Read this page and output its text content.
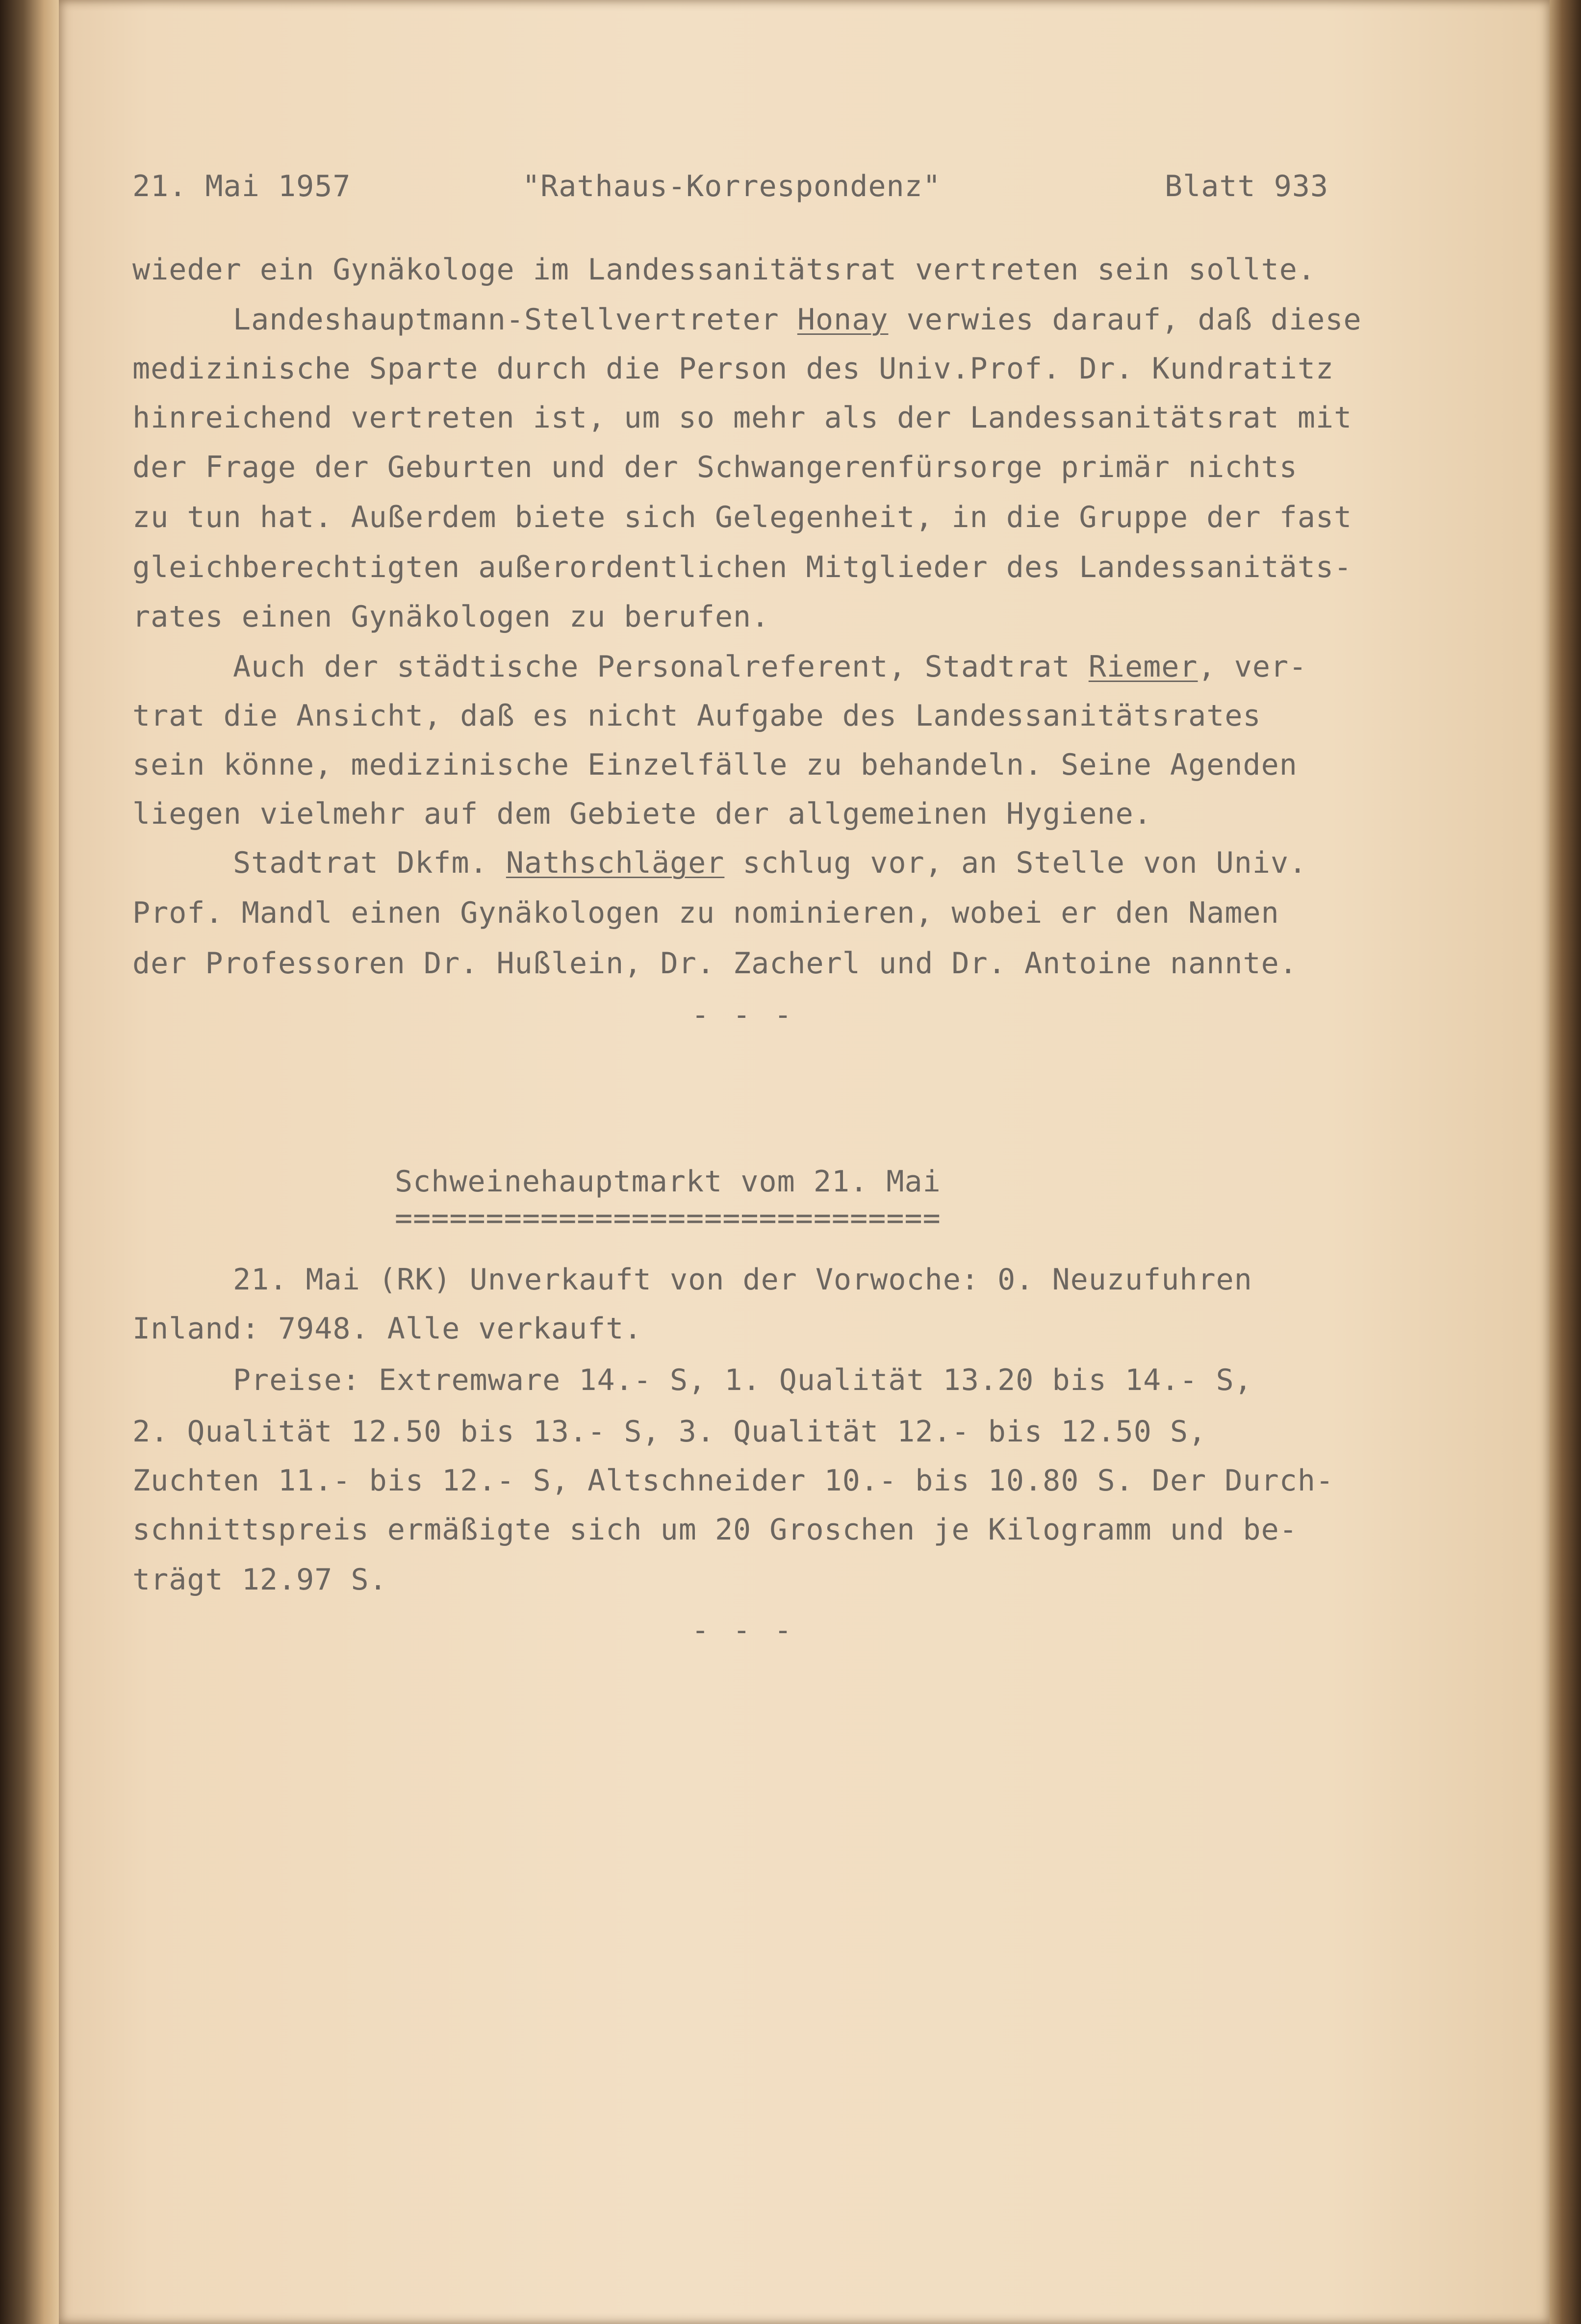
21. Mai 1957	"Rathaus-Korrespondenz"	Blatt 933
wieder ein Gynäkologe im Landessanitätsrat vertreten sein sollte.
Landeshauptmann-Stellvertreter Honay verwies darauf, daß diese
medizinische Sparte durch die Person des Univ.Prof. Dr. Kundratitz
hinreichend vertreten ist, um so mehr als der Landessanitätsrat mit
der Frage der Geburten und der Schwangerenfürsorge primär nichts
zu tun hat. Außerdem biete sich Gelegenheit, in die Gruppe der fast
gleichberechtigten außerordentlichen Mitglieder des Landessanitäts-
rates einen Gynäkologen zu berufen.
Auch der städtische Personalreferent, Stadtrat Riemer, ver-
trat die Ansicht, daß es nicht Aufgabe des Landessanitätsrates
sein könne, medizinische Einzelfälle zu behandeln. Seine Agenden
liegen vielmehr auf dem Gebiete der allgemeinen Hygiene.
Stadtrat Dkfm. Nathschläger schlug vor, an Stelle von Univ.
Prof. Mandl einen Gynäkologen zu nominieren, wobei er den Namen
der Professoren Dr. Hußlein, Dr. Zacherl und Dr. Antoine nannte.
- - -
Schweinehauptmarkt vom 21. Mai
==============================
21. Mai (RK) Unverkauft von der Vorwoche: 0. Neuzufuhren
Inland: 7948. Alle verkauft.
Preise: Extremware 14.- S, 1. Qualität 13.20 bis 14.- S,
2. Qualität 12.50 bis 13.- S, 3. Qualität 12.- bis 12.50 S,
Zuchten 11.- bis 12.- S, Altschneider 10.- bis 10.80 S. Der Durch-
schnittspreis ermäßigte sich um 20 Groschen je Kilogramm und be-
trägt 12.97 S.
- - -
